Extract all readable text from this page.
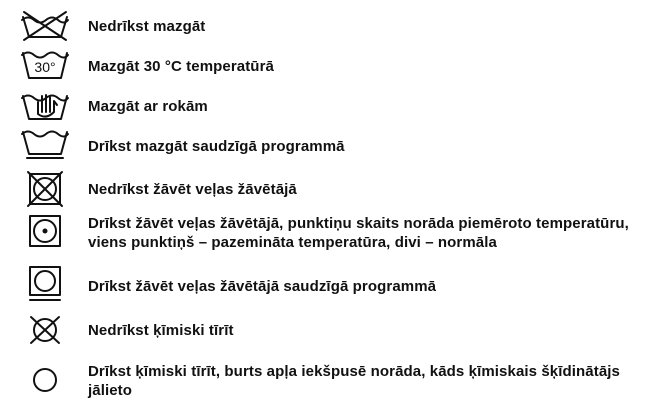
Nedrīkst mazgāt
30° Mazgāt 30 °C temperatūrā
Mazgāt ar rokām
Drīkst mazgāt saudzīgā programmā
Nedrīkst žāvēt veļas žāvētājā
Drīkst žāvēt veļas žāvētājā, punktiņu skaits norāda piemēroto temperatūru, viens punktiņš – pazemināta temperatūra, divi – normāla
Drīkst žāvēt veļas žāvētājā saudzīgā programmā
Nedrīkst ķīmiski tīrīt
Drīkst ķīmiski tīrīt, burts apļa iekšpusē norāda, kāds ķīmiskais šķīdinātājs jālieto
